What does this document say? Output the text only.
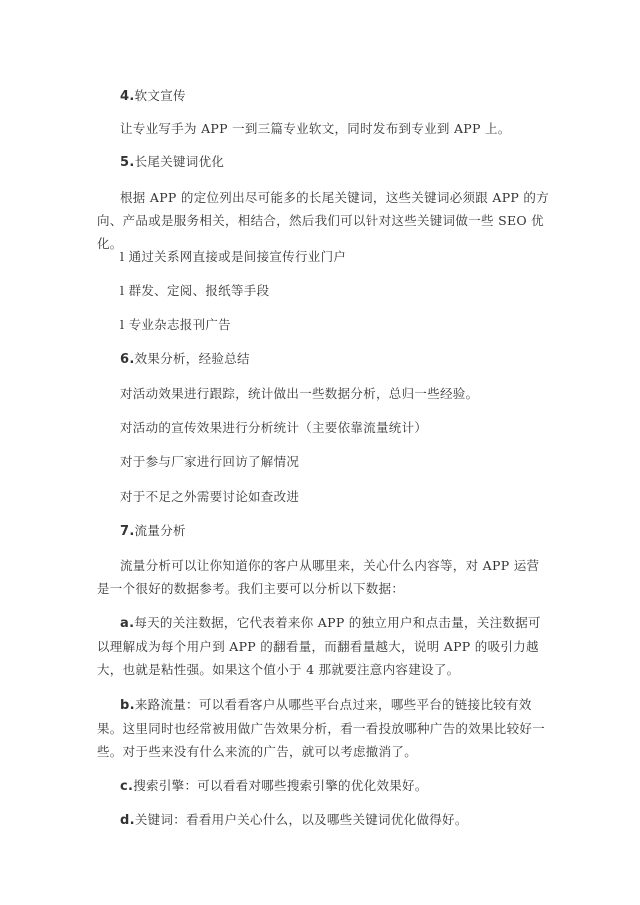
4.软文宣传
让专业写手为 APP 一到三篇专业软文，同时发布到专业到 APP 上。
5.长尾关键词优化
根据 APP 的定位列出尽可能多的长尾关键词，这些关键词必须跟 APP 的方向、产品或是服务相关，相结合，然后我们可以针对这些关键词做一些 SEO 优化。
l 通过关系网直接或是间接宣传行业门户
l 群发、定阅、报纸等手段
l 专业杂志报刊广告
6.效果分析，经验总结
对活动效果进行跟踪，统计做出一些数据分析，总归一些经验。
对活动的宣传效果进行分析统计（主要依靠流量统计）
对于参与厂家进行回访了解情况
对于不足之外需要讨论如查改进
7.流量分析
流量分析可以让你知道你的客户从哪里来，关心什么内容等，对 APP 运营是一个很好的数据参考。我们主要可以分析以下数据：
a.每天的关注数据，它代表着来你 APP 的独立用户和点击量，关注数据可以理解成为每个用户到 APP 的翻看量，而翻看量越大，说明 APP 的吸引力越大，也就是粘性强。如果这个值小于 4 那就要注意内容建设了。
b.来路流量：可以看看客户从哪些平台点过来，哪些平台的链接比较有效果。这里同时也经常被用做广告效果分析，看一看投放哪种广告的效果比较好一些。对于些来没有什么来流的广告，就可以考虑撤消了。
c.搜索引擎：可以看看对哪些搜索引擎的优化效果好。
d.关键词：看看用户关心什么，以及哪些关键词优化做得好。
